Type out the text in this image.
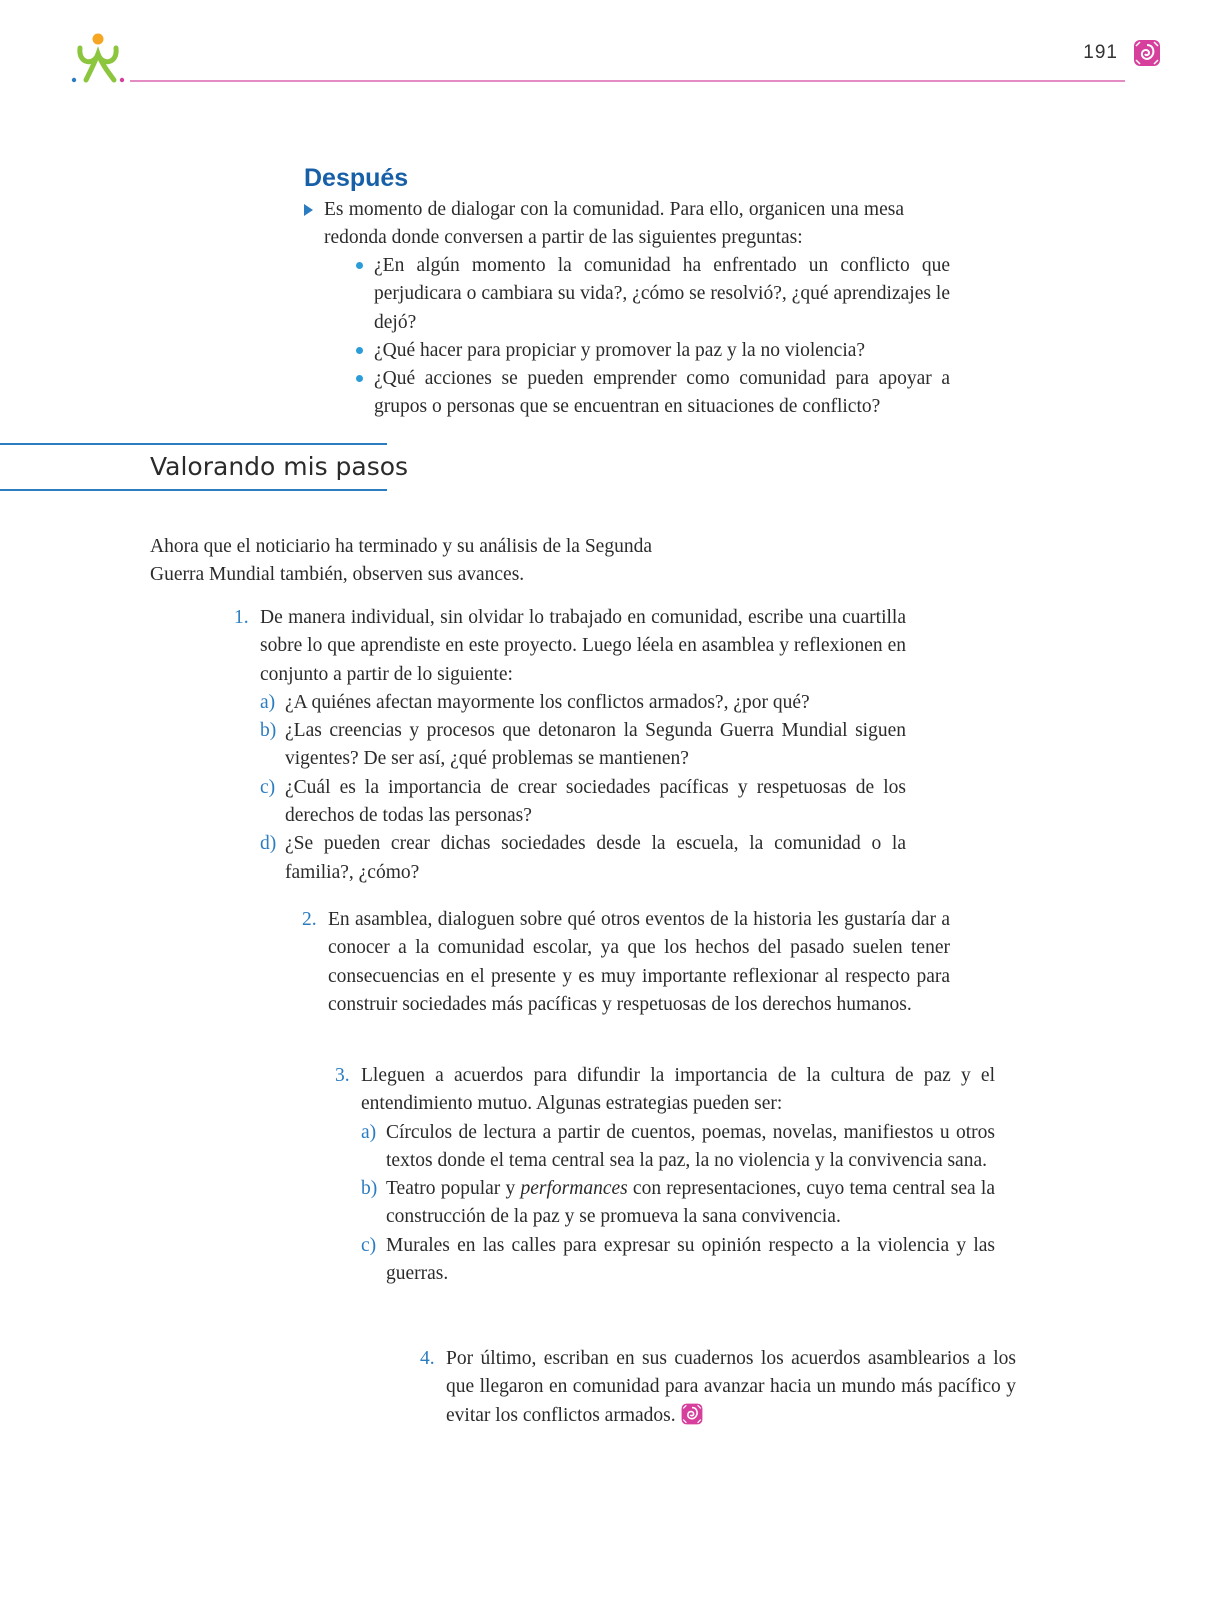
191
Después

Es momento de dialogar con la comunidad. Para ello, organicen una mesa redonda donde conversen a partir de las siguientes preguntas:

¿En algún momento la comunidad ha enfrentado un conflicto que perjudicara o cambiara su vida?, ¿cómo se resolvió?, ¿qué aprendizajes le dejó?
¿Qué hacer para propiciar y promover la paz y la no violencia?
¿Qué acciones se pueden emprender como comunidad para apoyar a grupos o personas que se encuentran en situaciones de conflicto?
Valorando mis pasos

Ahora que el noticiario ha terminado y su análisis de la Segunda Guerra Mundial también, observen sus avances.

1. De manera individual, sin olvidar lo trabajado en comunidad, escribe una cuartilla sobre lo que aprendiste en este proyecto. Luego léela en asamblea y reflexionen en conjunto a partir de lo siguiente:

a) ¿A quiénes afectan mayormente los conflictos armados?, ¿por qué?
b) ¿Las creencias y procesos que detonaron la Segunda Guerra Mundial siguen vigentes? De ser así, ¿qué problemas se mantienen?
c) ¿Cuál es la importancia de crear sociedades pacíficas y respetuosas de los derechos de todas las personas?
d) ¿Se pueden crear dichas sociedades desde la escuela, la comunidad o la familia?, ¿cómo?
2. En asamblea, dialoguen sobre qué otros eventos de la historia les gustaría dar a conocer a la comunidad escolar, ya que los hechos del pasado suelen tener consecuencias en el presente y es muy importante reflexionar al respecto para construir sociedades más pacíficas y respetuosas de los derechos humanos.

3. Lleguen a acuerdos para difundir la importancia de la cultura de paz y el entendimiento mutuo. Algunas estrategias pueden ser:

a) Círculos de lectura a partir de cuentos, poemas, novelas, manifiestos u otros textos donde el tema central sea la paz, la no violencia y la convivencia sana.
b) Teatro popular y performances con representaciones, cuyo tema central sea la construcción de la paz y se promueva la sana convivencia.
c) Murales en las calles para expresar su opinión respecto a la violencia y las guerras.
4. Por último, escriban en sus cuadernos los acuerdos asamblearios a los que llegaron en comunidad para avanzar hacia un mundo más pacífico y evitar los conflictos armados.
